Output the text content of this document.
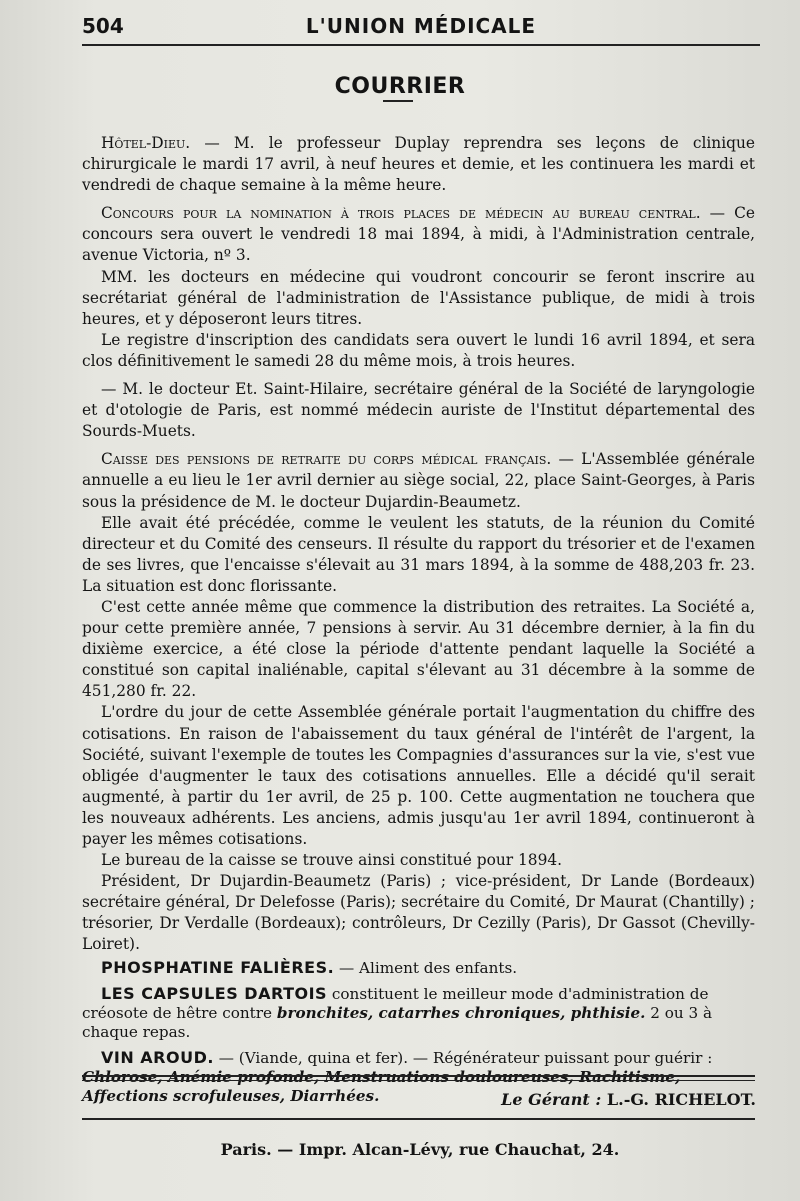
504	L'UNION MÉDICALE
COURRIER

Hôtel-Dieu. — M. le professeur Duplay reprendra ses leçons de clinique chirurgicale le mardi 17 avril, à neuf heures et demie, et les continuera les mardi et vendredi de chaque semaine à la même heure.

Concours pour la nomination à trois places de médecin au bureau central. — Ce concours sera ouvert le vendredi 18 mai 1894, à midi, à l'Administration centrale, avenue Victoria, nº 3.

MM. les docteurs en médecine qui voudront concourir se feront inscrire au secrétariat général de l'administration de l'Assistance publique, de midi à trois heures, et y déposeront leurs titres.

Le registre d'inscription des candidats sera ouvert le lundi 16 avril 1894, et sera clos définitivement le samedi 28 du même mois, à trois heures.

— M. le docteur Et. Saint-Hilaire, secrétaire général de la Société de laryngologie et d'otologie de Paris, est nommé médecin auriste de l'Institut départemental des Sourds-Muets.

Caisse des pensions de retraite du corps médical français. — L'Assemblée générale annuelle a eu lieu le 1er avril dernier au siège social, 22, place Saint-Georges, à Paris sous la présidence de M. le docteur Dujardin-Beaumetz.

Elle avait été précédée, comme le veulent les statuts, de la réunion du Comité directeur et du Comité des censeurs. Il résulte du rapport du trésorier et de l'examen de ses livres, que l'encaisse s'élevait au 31 mars 1894, à la somme de 488,203 fr. 23. La situation est donc florissante.

C'est cette année même que commence la distribution des retraites. La Société a, pour cette première année, 7 pensions à servir. Au 31 décembre dernier, à la fin du dixième exercice, a été close la période d'attente pendant laquelle la Société a constitué son capital inaliénable, capital s'élevant au 31 décembre à la somme de 451,280 fr. 22.

L'ordre du jour de cette Assemblée générale portait l'augmentation du chiffre des cotisations. En raison de l'abaissement du taux général de l'intérêt de l'argent, la Société, suivant l'exemple de toutes les Compagnies d'assurances sur la vie, s'est vue obligée d'augmenter le taux des cotisations annuelles. Elle a décidé qu'il serait augmenté, à partir du 1er avril, de 25 p. 100. Cette augmentation ne touchera que les nouveaux adhérents. Les anciens, admis jusqu'au 1er avril 1894, continueront à payer les mêmes cotisations.

Le bureau de la caisse se trouve ainsi constitué pour 1894.

Président, Dr Dujardin-Beaumetz (Paris) ; vice-président, Dr Lande (Bordeaux) secrétaire général, Dr Delefosse (Paris); secrétaire du Comité, Dr Maurat (Chantilly) ; trésorier, Dr Verdalle (Bordeaux); contrôleurs, Dr Cezilly (Paris), Dr Gassot (Chevilly-Loiret).

PHOSPHATINE FALIÈRES. — Aliment des enfants.

LES CAPSULES DARTOIS constituent le meilleur mode d'administration de créosote de hêtre contre bronchites, catarrhes chroniques, phthisie. 2 ou 3 à chaque repas.

VIN AROUD. — (Viande, quina et fer). — Régénérateur puissant pour guérir : Chlorose, Anémie profonde, Menstruations douloureuses, Rachitisme, Affections scrofuleuses, Diarrhées.	Le Gérant : L.-G. RICHELOT.
Paris. — Impr. Alcan-Lévy, rue Chauchat, 24.
